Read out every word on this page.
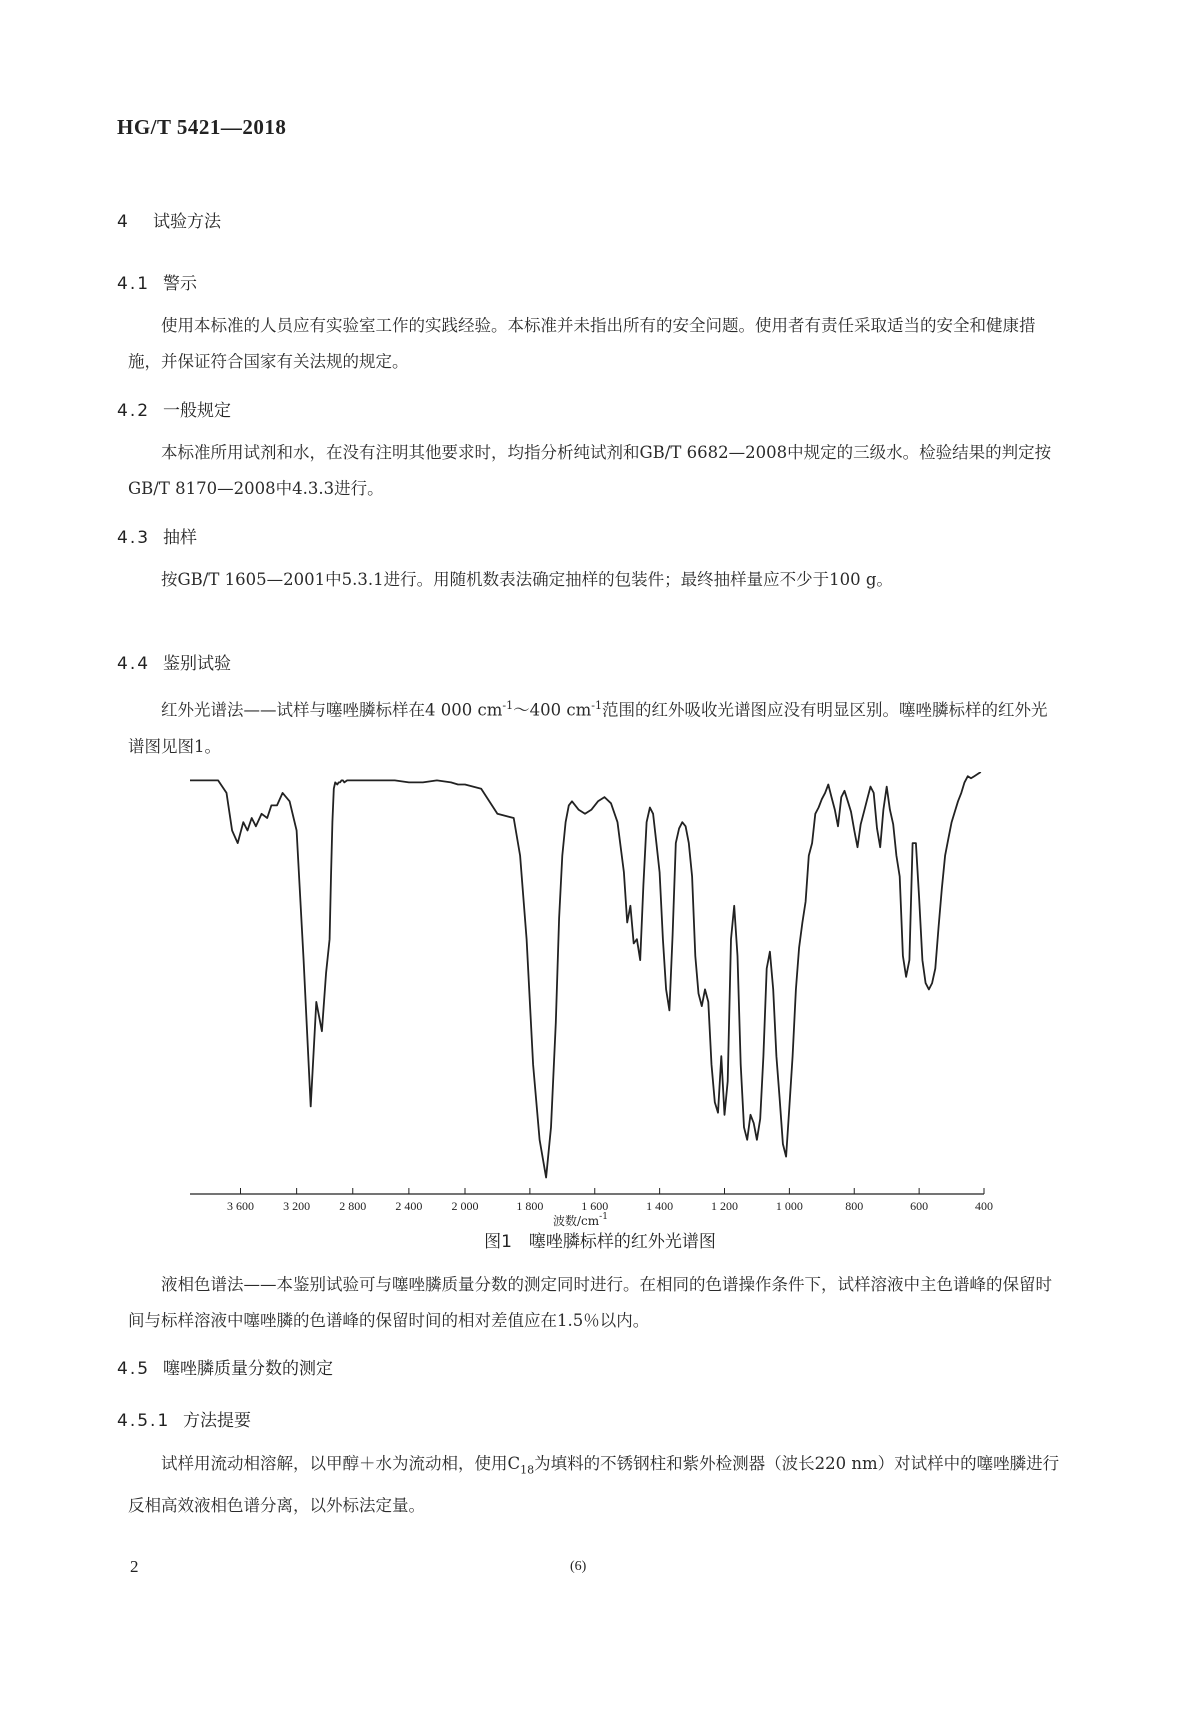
HG/T 5421—2018
4 试验方法
4.1 警示
使用本标准的人员应有实验室工作的实践经验。本标准并未指出所有的安全问题。使用者有责任采取适当的安全和健康措施，并保证符合国家有关法规的规定。
4.2 一般规定
本标准所用试剂和水，在没有注明其他要求时，均指分析纯试剂和GB/T 6682—2008中规定的三级水。检验结果的判定按GB/T 8170—2008中4.3.3进行。
4.3 抽样
按GB/T 1605—2001中5.3.1进行。用随机数表法确定抽样的包装件；最终抽样量应不少于100 g。
4.4 鉴别试验
红外光谱法——试样与噻唑膦标样在4 000 $cm^{-1}\sim 400$ $cm^{-1}$范围的红外吸收光谱图应没有明显区别。噻唑膦标样的红外光谱图见图1。
3 600 3 200 2 800 2 400 2 000	1 800	1 600	1 400	1 200	1 000	800	600	400
波数$/cm^{-1}$
图1　噻唑膦标样的红外光谱图
液相色谱法——本鉴别试验可与噻唑膦质量分数的测定同时进行。在相同的色谱操作条件下，试样溶液中主色谱峰的保留时间与标样溶液中噻唑膦的色谱峰的保留时间的相对差值应在1.5％以内。
4.5 噻唑膦质量分数的测定
4.5.1 方法提要
试样用流动相溶解，以甲醇＋水为流动相，使用$C_{18}$为填料的不锈钢柱和紫外检测器（波长220 nm）对试样中的噻唑膦进行反相高效液相色谱分离，以外标法定量。
2	(6)
